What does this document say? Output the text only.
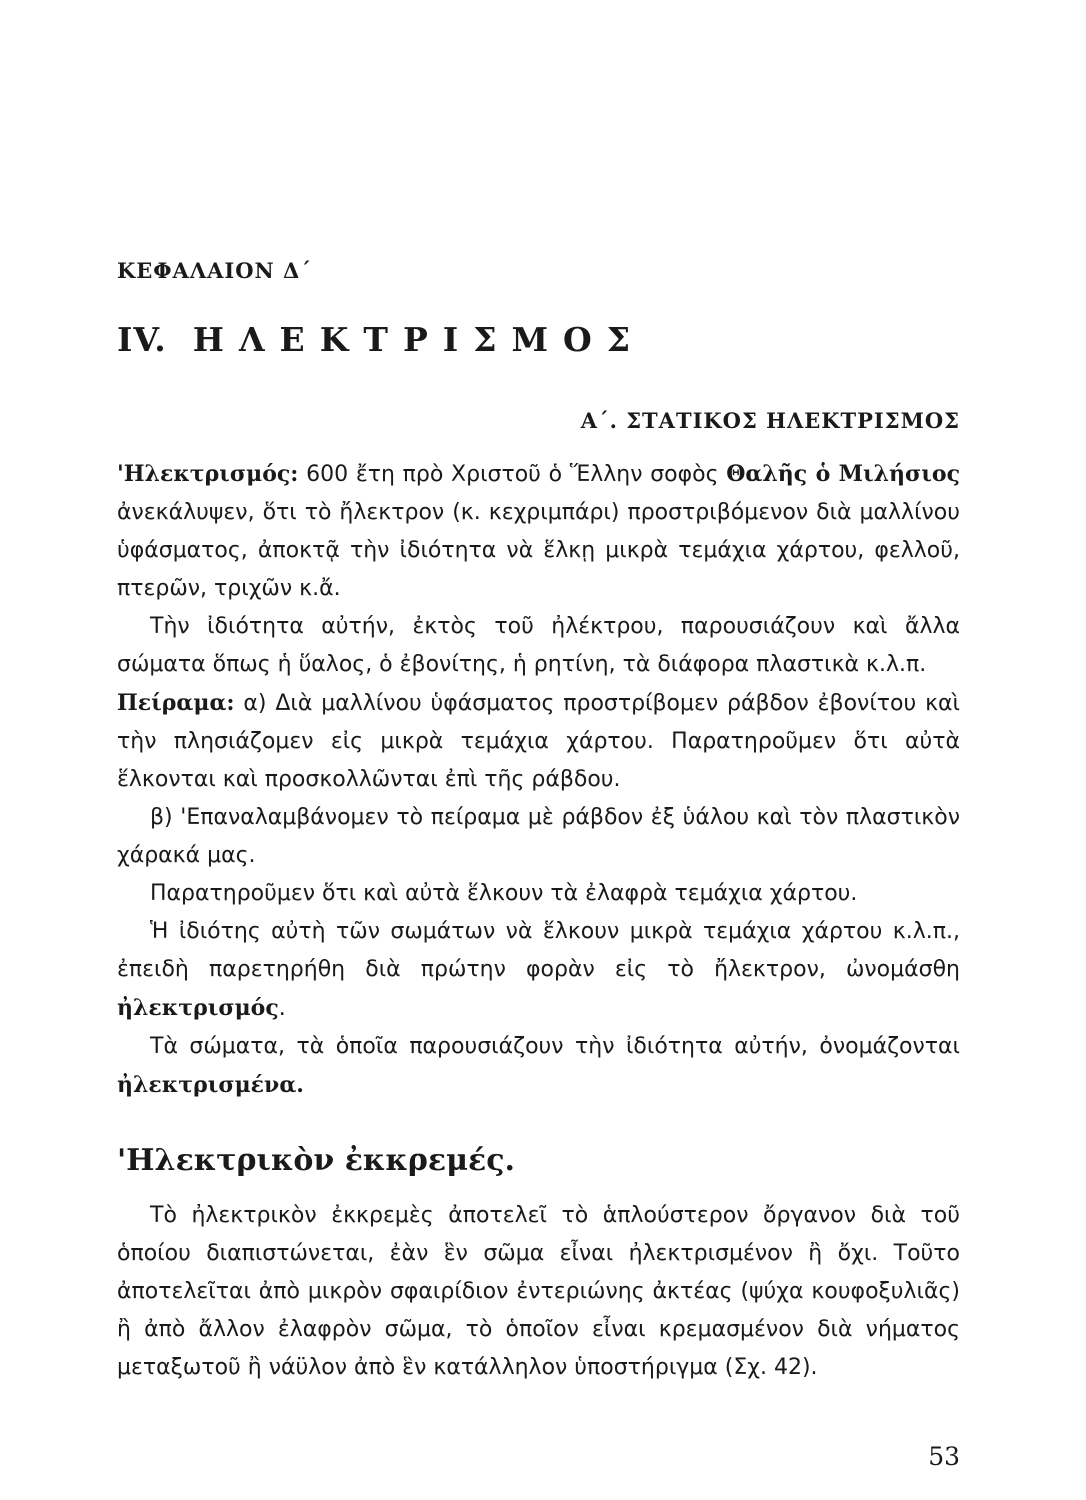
ΚΕΦΑΛΑΙΟΝ Δ΄
IV. ΗΛΕΚΤΡΙΣΜΟΣ
Α΄. ΣΤΑΤΙΚΟΣ ΗΛΕΚΤΡΙΣΜΟΣ

'Ηλεκτρισμός: 600 ἔτη πρὸ Χριστοῦ ὁ Ἕλλην σοφὸς Θαλῆς ὁ Μιλήσιος ἀνεκάλυψεν, ὅτι τὸ ἤλεκτρον (κ. κεχριμπάρι) προστριβόμενον διὰ μαλλίνου ὑφάσματος, ἀποκτᾷ τὴν ἰδιότητα νὰ ἕλκῃ μικρὰ τεμάχια χάρτου, φελλοῦ, πτερῶν, τριχῶν κ.ἄ.

Τὴν ἰδιότητα αὐτήν, ἐκτὸς τοῦ ἠλέκτρου, παρουσιάζουν καὶ ἄλλα σώματα ὅπως ἡ ὕαλος, ὁ ἐβονίτης, ἡ ρητίνη, τὰ διάφορα πλαστικὰ κ.λ.π.

Πείραμα: α) Διὰ μαλλίνου ὑφάσματος προστρίβομεν ράβδον ἐβονίτου καὶ τὴν πλησιάζομεν εἰς μικρὰ τεμάχια χάρτου. Παρατηροῦμεν ὅτι αὐτὰ ἕλκονται καὶ προσκολλῶνται ἐπὶ τῆς ράβδου.

β) 'Επαναλαμβάνομεν τὸ πείραμα μὲ ράβδον ἐξ ὑάλου καὶ τὸν πλαστικὸν χάρακά μας.

Παρατηροῦμεν ὅτι καὶ αὐτὰ ἕλκουν τὰ ἐλαφρὰ τεμάχια χάρτου.

Ἡ ἰδιότης αὐτὴ τῶν σωμάτων νὰ ἕλκουν μικρὰ τεμάχια χάρτου κ.λ.π., ἐπειδὴ παρετηρήθη διὰ πρώτην φορὰν εἰς τὸ ἤλεκτρον, ὠνομάσθη ἠλεκτρισμός.

Τὰ σώματα, τὰ ὁποῖα παρουσιάζουν τὴν ἰδιότητα αὐτήν, ὀνομάζονται ἠλεκτρισμένα.

'Ηλεκτρικὸν ἐκκρεμές.

Τὸ ἠλεκτρικὸν ἐκκρεμὲς ἀποτελεῖ τὸ ἁπλούστερον ὄργανον διὰ τοῦ ὁποίου διαπιστώνεται, ἐὰν ἓν σῶμα εἶναι ἠλεκτρισμένον ἢ ὄχι. Τοῦτο ἀποτελεῖται ἀπὸ μικρὸν σφαιρίδιον ἐντεριώνης ἀκτέας (ψύχα κουφοξυλιᾶς) ἢ ἀπὸ ἄλλον ἐλαφρὸν σῶμα, τὸ ὁποῖον εἶναι κρεμασμένον διὰ νήματος μεταξωτοῦ ἢ νάϋλον ἀπὸ ἓν κατάλληλον ὑποστήριγμα (Σχ. 42).

53
